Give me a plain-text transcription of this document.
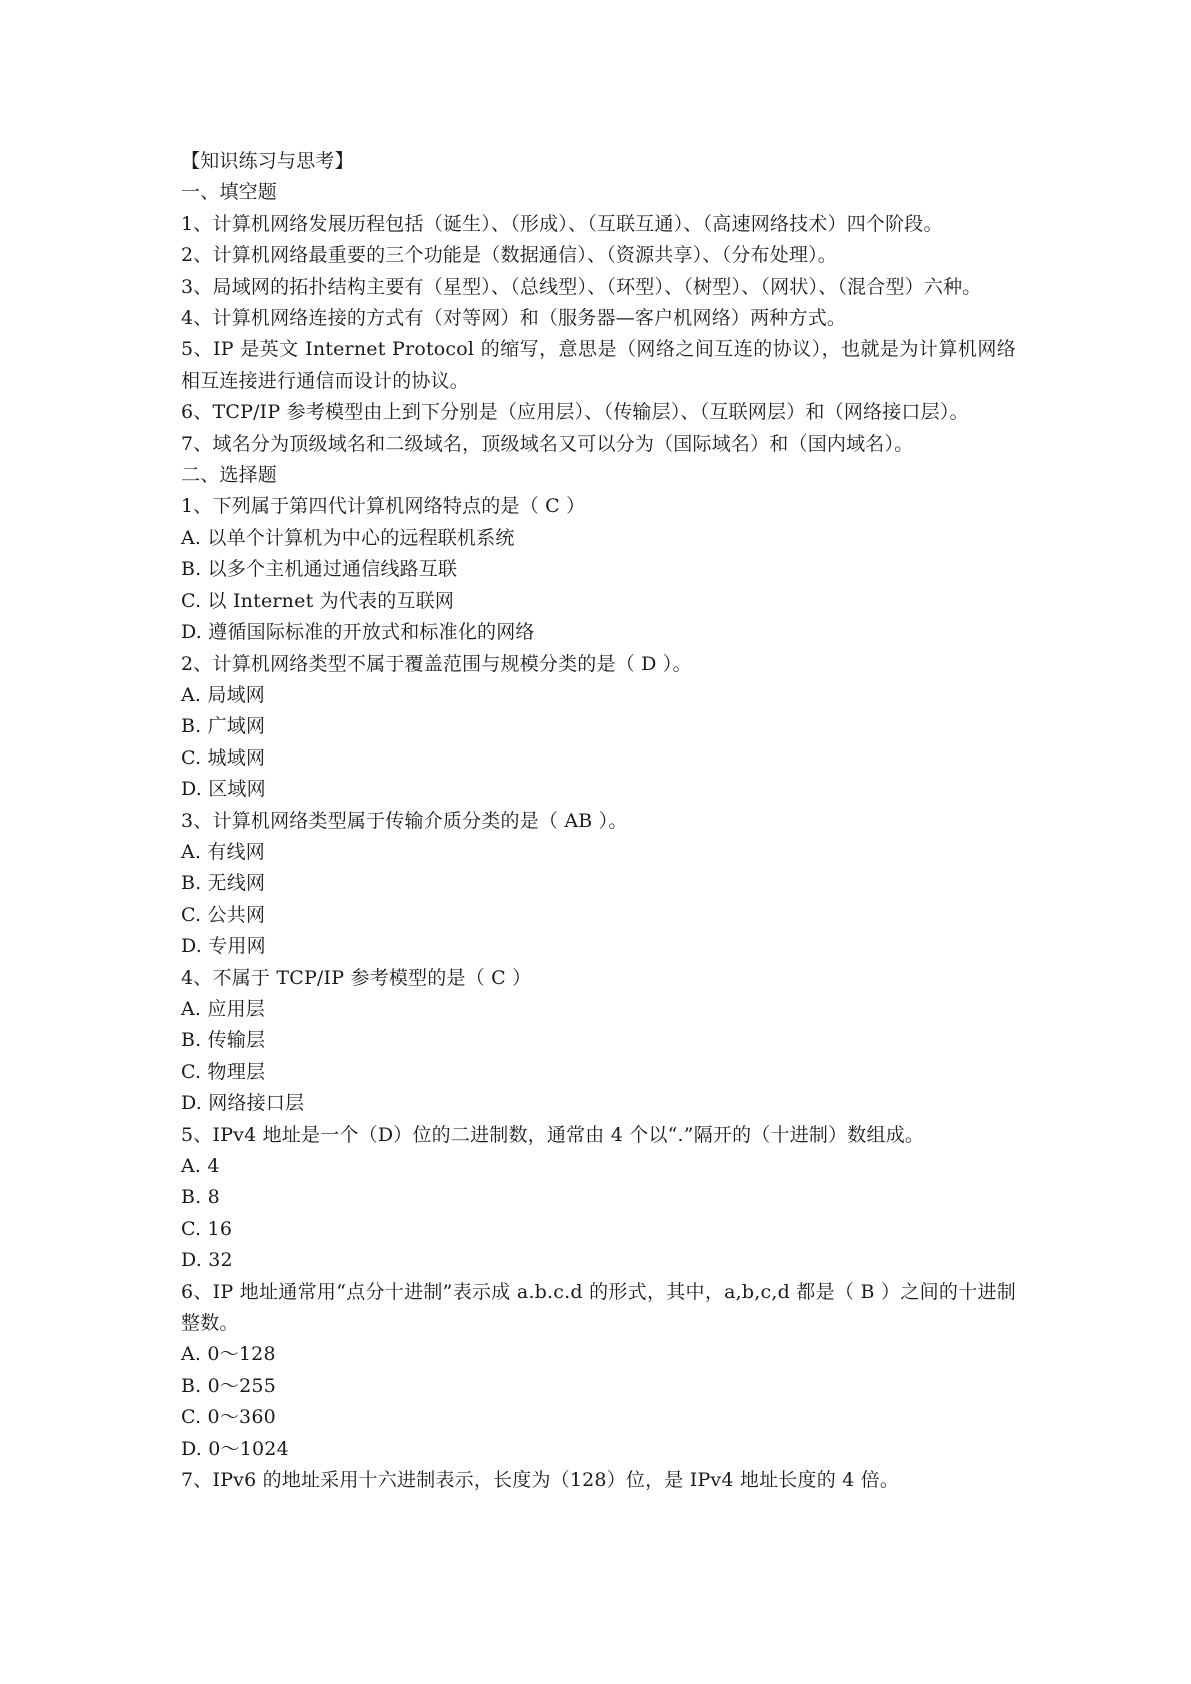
【知识练习与思考】
一、填空题
1、计算机网络发展历程包括（诞生）、（形成）、（互联互通）、（高速网络技术）四个阶段。
2、计算机网络最重要的三个功能是（数据通信）、（资源共享）、（分布处理）。
3、局域网的拓扑结构主要有（星型）、（总线型）、（环型）、（树型）、（网状）、（混合型）六种。
4、计算机网络连接的方式有（对等网）和（服务器—客户机网络）两种方式。
5、IP 是英文 Internet Protocol 的缩写，意思是（网络之间互连的协议），也就是为计算机网络相互连接进行通信而设计的协议。
6、TCP/IP 参考模型由上到下分别是（应用层）、（传输层）、（互联网层）和（网络接口层）。
7、域名分为顶级域名和二级域名，顶级域名又可以分为（国际域名）和（国内域名）。
二、选择题
1、下列属于第四代计算机网络特点的是（ C ）
A. 以单个计算机为中心的远程联机系统
B. 以多个主机通过通信线路互联
C. 以 Internet 为代表的互联网
D. 遵循国际标准的开放式和标准化的网络
2、计算机网络类型不属于覆盖范围与规模分类的是（ D ）。
A. 局域网
B. 广域网
C. 城域网
D. 区域网
3、计算机网络类型属于传输介质分类的是（ AB ）。
A. 有线网
B. 无线网
C. 公共网
D. 专用网
4、不属于 TCP/IP 参考模型的是（ C ）
A. 应用层
B. 传输层
C. 物理层
D. 网络接口层
5、IPv4 地址是一个（D）位的二进制数，通常由 4 个以“.”隔开的（十进制）数组成。
A. 4
B. 8
C. 16
D. 32
6、IP 地址通常用“点分十进制”表示成 a.b.c.d 的形式，其中，a,b,c,d 都是（ B ）之间的十进制整数。
A. 0～128
B. 0～255
C. 0～360
D. 0～1024
7、IPv6 的地址采用十六进制表示，长度为（128）位，是 IPv4 地址长度的 4 倍。
